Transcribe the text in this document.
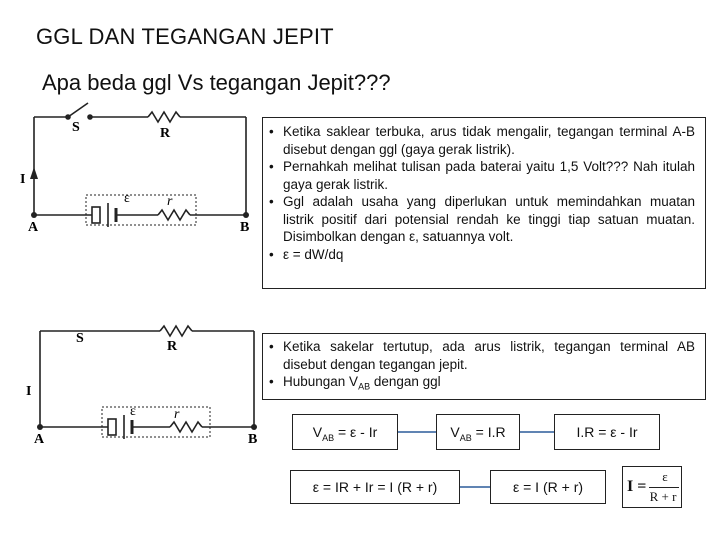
GGL DAN TEGANGAN JEPIT
Apa beda ggl Vs tegangan Jepit???
S	R
ε	r
I
A	B
S
R
ε	r
I
A	B
• Ketika saklear terbuka, arus tidak mengalir, tegangan terminal A-B disebut dengan ggl (gaya gerak listrik).
• Pernahkah melihat tulisan pada baterai yaitu 1,5 Volt??? Nah itulah gaya gerak listrik.
• Ggl adalah usaha yang diperlukan untuk memindahkan muatan listrik positif dari potensial rendah ke tinggi tiap satuan muatan. Disimbolkan dengan ε, satuannya volt.
• ε = dW/dq
• Ketika sakelar tertutup, ada arus listrik, tegangan terminal AB disebut dengan tegangan jepit.
• Hubungan $V_{AB}$ dengan ggl
$V_{AB} = \varepsilon - Ir$	$V_{AB} = I.R$	I.R = ε - Ir
ε = IR + Ir = I (R + r)	ε = I (R + r)	I =
ε
R + r
